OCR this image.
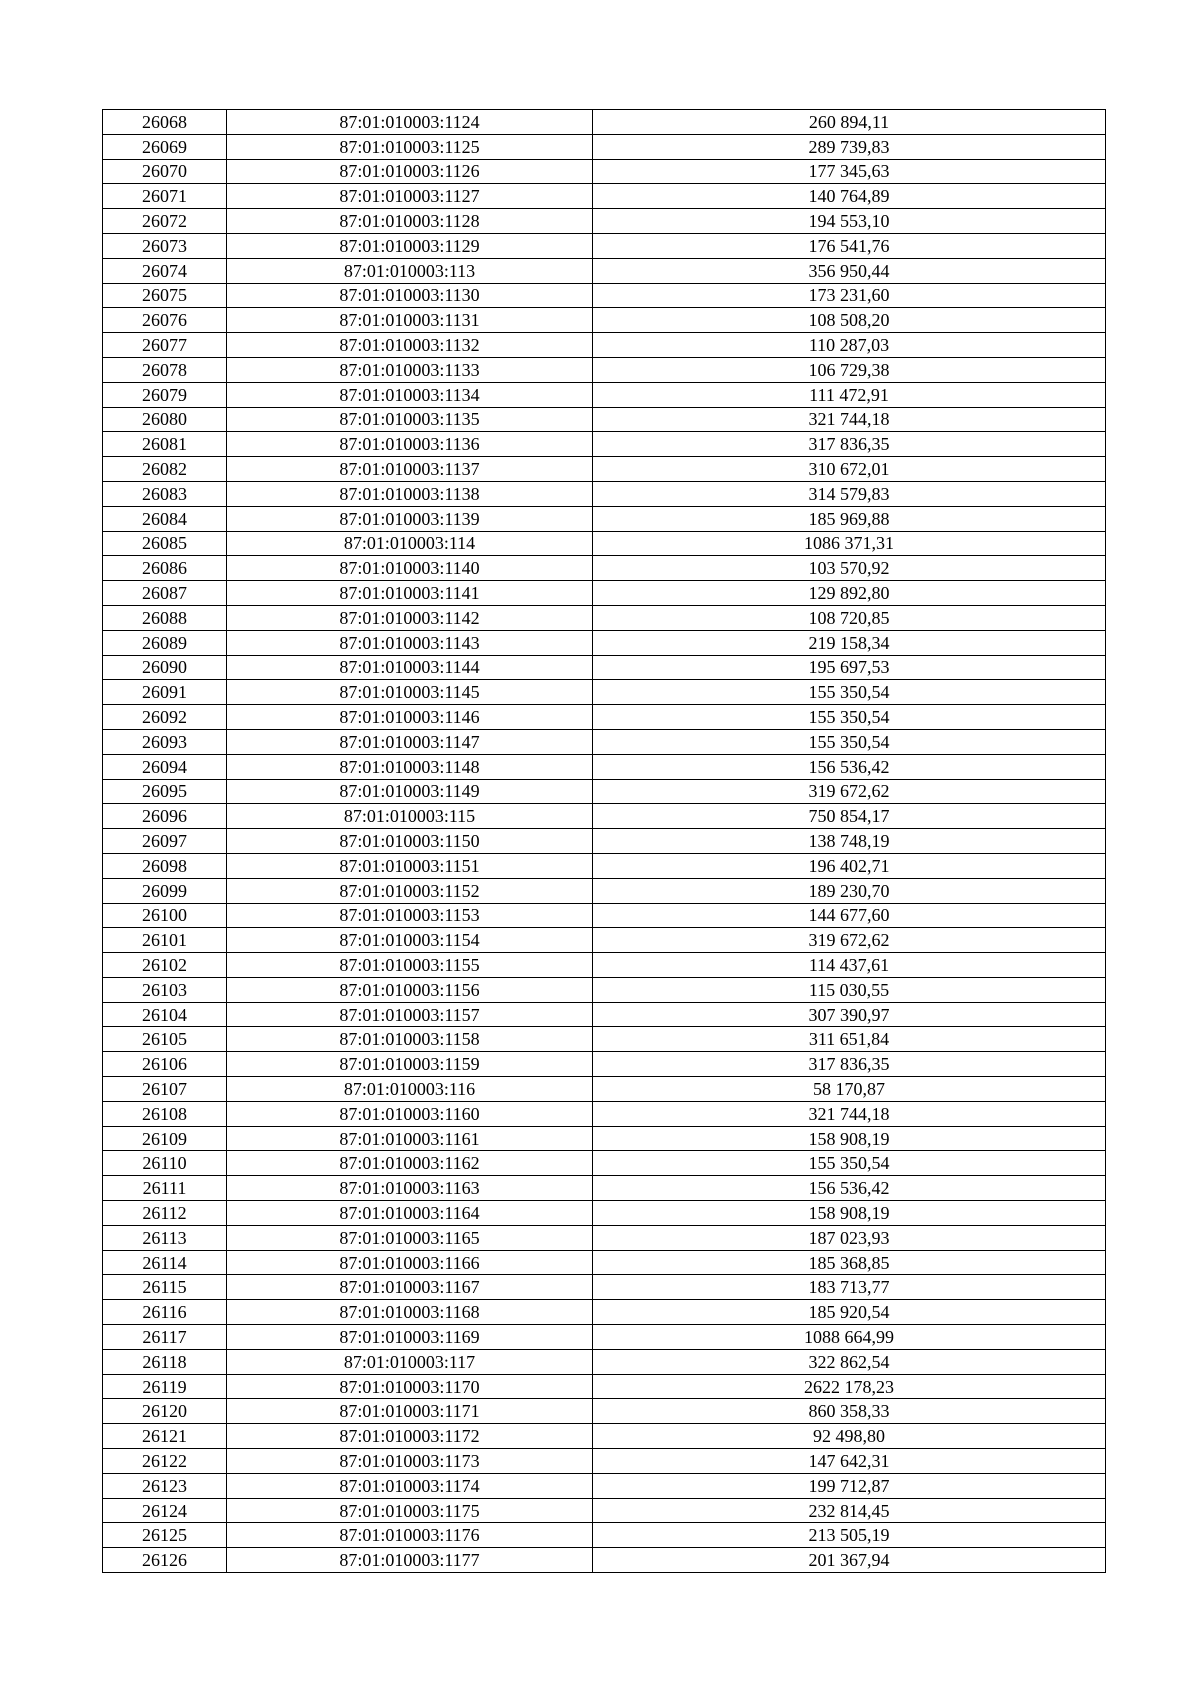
26068	87:01:010003:1124	260 894,11
26069	87:01:010003:1125	289 739,83
26070	87:01:010003:1126	177 345,63
26071	87:01:010003:1127	140 764,89
26072	87:01:010003:1128	194 553,10
26073	87:01:010003:1129	176 541,76
26074	87:01:010003:113	356 950,44
26075	87:01:010003:1130	173 231,60
26076	87:01:010003:1131	108 508,20
26077	87:01:010003:1132	110 287,03
26078	87:01:010003:1133	106 729,38
26079	87:01:010003:1134	111 472,91
26080	87:01:010003:1135	321 744,18
26081	87:01:010003:1136	317 836,35
26082	87:01:010003:1137	310 672,01
26083	87:01:010003:1138	314 579,83
26084	87:01:010003:1139	185 969,88
26085	87:01:010003:114	1086 371,31
26086	87:01:010003:1140	103 570,92
26087	87:01:010003:1141	129 892,80
26088	87:01:010003:1142	108 720,85
26089	87:01:010003:1143	219 158,34
26090	87:01:010003:1144	195 697,53
26091	87:01:010003:1145	155 350,54
26092	87:01:010003:1146	155 350,54
26093	87:01:010003:1147	155 350,54
26094	87:01:010003:1148	156 536,42
26095	87:01:010003:1149	319 672,62
26096	87:01:010003:115	750 854,17
26097	87:01:010003:1150	138 748,19
26098	87:01:010003:1151	196 402,71
26099	87:01:010003:1152	189 230,70
26100	87:01:010003:1153	144 677,60
26101	87:01:010003:1154	319 672,62
26102	87:01:010003:1155	114 437,61
26103	87:01:010003:1156	115 030,55
26104	87:01:010003:1157	307 390,97
26105	87:01:010003:1158	311 651,84
26106	87:01:010003:1159	317 836,35
26107	87:01:010003:116	58 170,87
26108	87:01:010003:1160	321 744,18
26109	87:01:010003:1161	158 908,19
26110	87:01:010003:1162	155 350,54
26111	87:01:010003:1163	156 536,42
26112	87:01:010003:1164	158 908,19
26113	87:01:010003:1165	187 023,93
26114	87:01:010003:1166	185 368,85
26115	87:01:010003:1167	183 713,77
26116	87:01:010003:1168	185 920,54
26117	87:01:010003:1169	1088 664,99
26118	87:01:010003:117	322 862,54
26119	87:01:010003:1170	2622 178,23
26120	87:01:010003:1171	860 358,33
26121	87:01:010003:1172	92 498,80
26122	87:01:010003:1173	147 642,31
26123	87:01:010003:1174	199 712,87
26124	87:01:010003:1175	232 814,45
26125	87:01:010003:1176	213 505,19
26126	87:01:010003:1177	201 367,94
